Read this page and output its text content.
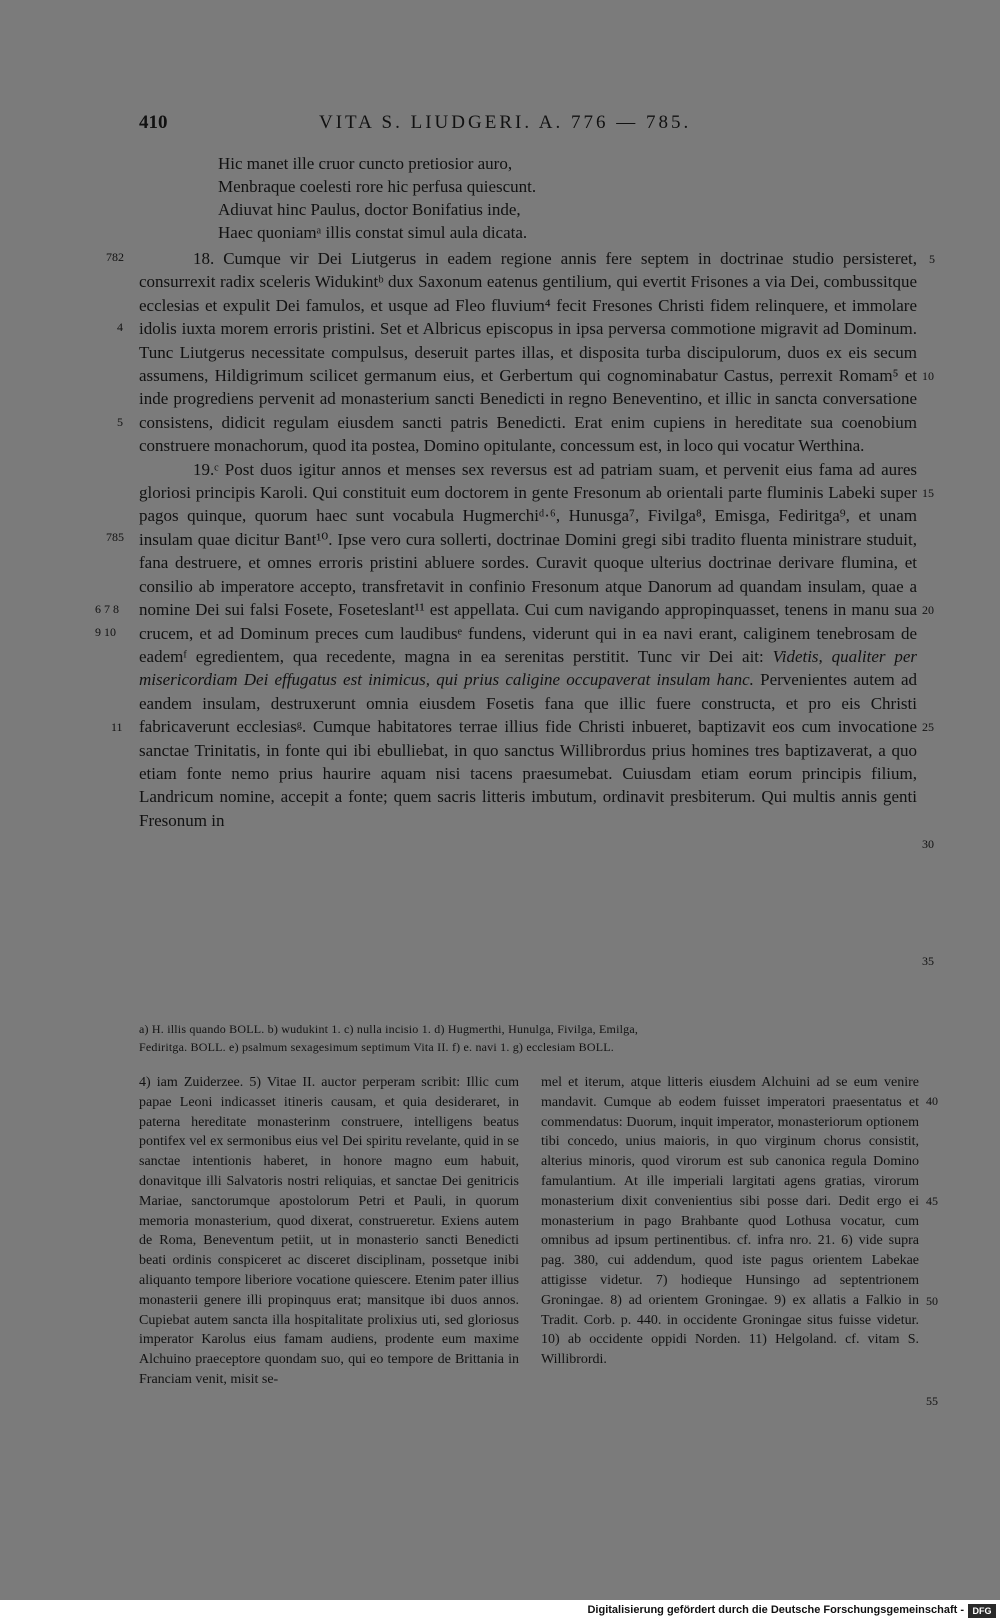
410	VITA S. LIUDGERI. A. 776 — 785.
Hic manet ille cruor cuncto pretiosior auro,
Menbraque coelesti rore hic perfusa quiescunt.
Adiuvat hinc Paulus, doctor Bonifatius inde,
Haec quoniamᵃ illis constat simul aula dicata.
782
4
5
785
6 7 8
9 10
11
5
10
15
20
25
30
35

18. Cumque vir Dei Liutgerus in eadem regione annis fere septem in doctrinae studio persisteret, consurrexit radix sceleris Widukintᵇ dux Saxonum eatenus gentilium, qui evertit Frisones a via Dei, combussitque ecclesias et expulit Dei famulos, et usque ad Fleo fluvium⁴ fecit Fresones Christi fidem relinquere, et immolare idolis iuxta morem erroris pristini. Set et Albricus episcopus in ipsa perversa commotione migravit ad Dominum. Tunc Liutgerus necessitate compulsus, deseruit partes illas, et disposita turba discipulorum, duos ex eis secum assumens, Hildigrimum scilicet germanum eius, et Gerbertum qui cognominabatur Castus, perrexit Romam⁵ et inde progrediens pervenit ad monasterium sancti Benedicti in regno Beneventino, et illic in sancta conversatione consistens, didicit regulam eiusdem sancti patris Benedicti. Erat enim cupiens in hereditate sua coenobium construere monachorum, quod ita postea, Domino opitulante, concessum est, in loco qui vocatur Werthina.

19.ᶜ Post duos igitur annos et menses sex reversus est ad patriam suam, et pervenit eius fama ad aures gloriosi principis Karoli. Qui constituit eum doctorem in gente Fresonum ab orientali parte fluminis Labeki super pagos quinque, quorum haec sunt vocabula Hugmerchiᵈ·⁶, Hunusga⁷, Fivilga⁸, Emisga, Fediritga⁹, et unam insulam quae dicitur Bant¹⁰. Ipse vero cura sollerti, doctrinae Domini gregi sibi tradito fluenta ministrare studuit, fana destruere, et omnes erroris pristini abluere sordes. Curavit quoque ulterius doctrinae derivare flumina, et consilio ab imperatore accepto, transfretavit in confinio Fresonum atque Danorum ad quandam insulam, quae a nomine Dei sui falsi Fosete, Foseteslant¹¹ est appellata. Cui cum navigando appropinquasset, tenens in manu sua crucem, et ad Dominum preces cum laudibusᵉ fundens, viderunt qui in ea navi erant, caliginem tenebrosam de eademᶠ egredientem, qua recedente, magna in ea serenitas perstitit. Tunc vir Dei ait: Videtis, qualiter per misericordiam Dei effugatus est inimicus, qui prius caligine occupaverat insulam hanc. Pervenientes autem ad eandem insulam, destruxerunt omnia eiusdem Fosetis fana que illic fuere constructa, et pro eis Christi fabricaverunt ecclesiasᵍ. Cumque habitatores terrae illius fide Christi inbueret, baptizavit eos cum invocatione sanctae Trinitatis, in fonte qui ibi ebulliebat, in quo sanctus Willibrordus prius homines tres baptizaverat, a quo etiam fonte nemo prius haurire aquam nisi tacens praesumebat. Cuiusdam etiam eorum principis filium, Landricum nomine, accepit a fonte; quem sacris litteris imbutum, ordinavit presbiterum. Qui multis annis genti Fresonum in

a) H. illis quando BOLL. b) wudukint 1. c) nulla incisio 1. d) Hugmerthi, Hunulga, Fivilga, Emilga,
Fediritga. BOLL. e) psalmum sexagesimum septimum Vita II. f) e. navi 1. g) ecclesiam BOLL.

4) iam Zuiderzee. 5) Vitae II. auctor perperam scribit: Illic cum papae Leoni indicasset itineris causam, et quia desideraret, in paterna hereditate monasterinm construere, intelligens beatus pontifex vel ex sermonibus eius vel Dei spiritu revelante, quid in se sanctae intentionis haberet, in honore magno eum habuit, donavitque illi Salvatoris nostri reliquias, et sanctae Dei genitricis Mariae, sanctorumque apostolorum Petri et Pauli, in quorum memoria monasterium, quod dixerat, construeretur. Exiens autem de Roma, Beneventum petiit, ut in monasterio sancti Benedicti beati ordinis conspiceret ac disceret disciplinam, possetque inibi aliquanto tempore liberiore vocatione quiescere. Etenim pater illius monasterii genere illi propinquus erat; mansitque ibi duos annos. Cupiebat autem sancta illa hospitalitate prolixius uti, sed gloriosus imperator Karolus eius famam audiens, prodente eum maxime Alchuino praeceptore quondam suo, qui eo tempore de Brittania in Franciam venit, misit se-

mel et iterum, atque litteris eiusdem Alchuini ad se eum venire mandavit. Cumque ab eodem fuisset imperatori praesentatus et commendatus: Duorum, inquit imperator, monasteriorum optionem tibi concedo, unius maioris, in quo virginum chorus consistit, alterius minoris, quod virorum est sub canonica regula Domino famulantium. At ille imperiali largitati agens gratias, virorum monasterium dixit convenientius sibi posse dari. Dedit ergo ei monasterium in pago Brahbante quod Lothusa vocatur, cum omnibus ad ipsum pertinentibus. cf. infra nro. 21. 6) vide supra pag. 380, cui addendum, quod iste pagus orientem Labekae attigisse videtur. 7) hodieque Hunsingo ad septentrionem Groningae. 8) ad orientem Groningae. 9) ex allatis a Falkio in Tradit. Corb. p. 440. in occidente Groningae situs fuisse videtur. 10) ab occidente oppidi Norden. 11) Helgoland. cf. vitam S. Willibrordi.

40
45
50
55
Digitalisierung gefördert durch die Deutsche Forschungsgemeinschaft - DFG
